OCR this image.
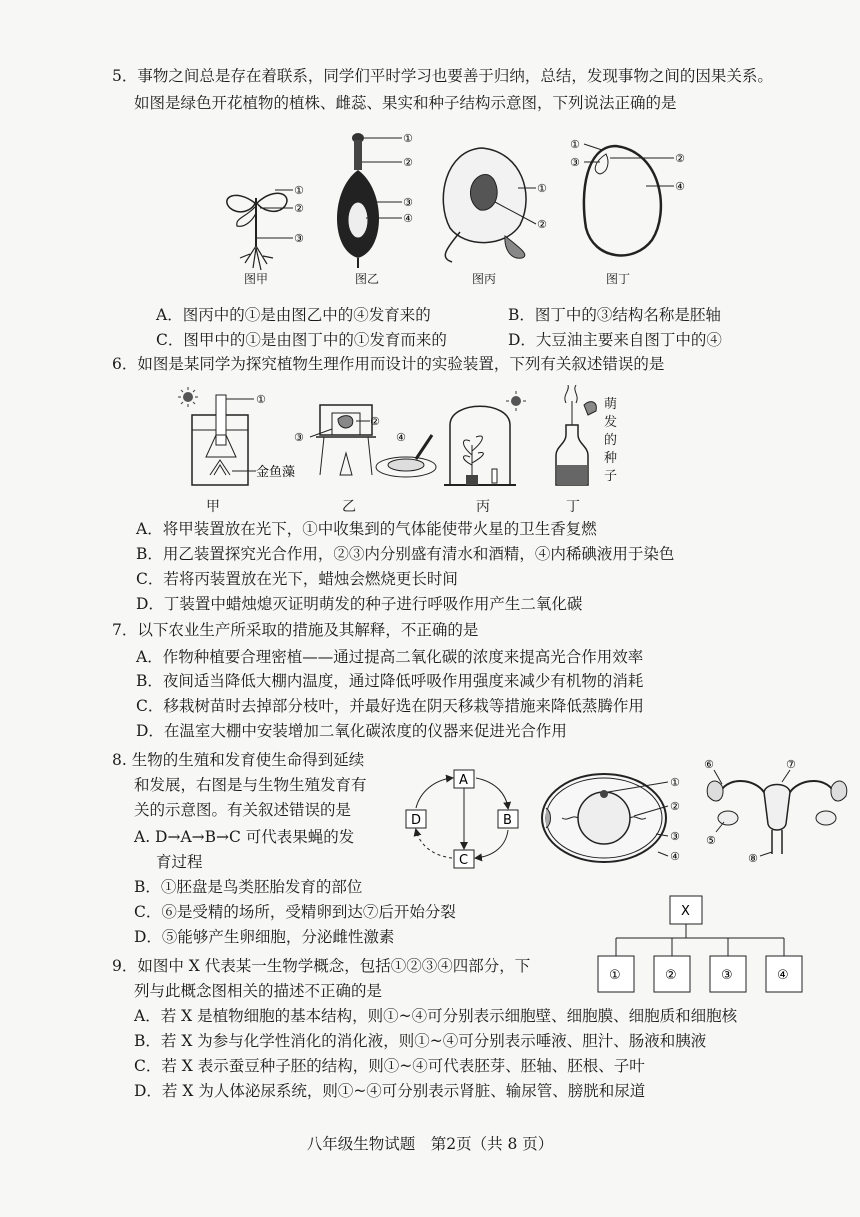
5．事物之间总是存在着联系，同学们平时学习也要善于归纳，总结，发现事物之间的因果关系。
如图是绿色开花植物的植株、雌蕊、果实和种子结构示意图，下列说法正确的是
①
②
③
图甲
①
②
③
④
图乙
①
②
图丙
①
③	②
④
图丁
A．图丙中的①是由图乙中的④发育来的	B．图丁中的③结构名称是胚轴
C．图甲中的①是由图丁中的①发育而来的	D．大豆油主要来自图丁中的④
6．如图是某同学为探究植物生理作用而设计的实验装置，下列有关叙述错误的是
①
金鱼藻
②
③	④
萌
发
的
种
子
甲	乙	丙	丁
A．将甲装置放在光下，①中收集到的气体能使带火星的卫生香复燃
B．用乙装置探究光合作用，②③内分别盛有清水和酒精，④内稀碘液用于染色
C．若将丙装置放在光下，蜡烛会燃烧更长时间
D．丁装置中蜡烛熄灭证明萌发的种子进行呼吸作用产生二氧化碳
7．以下农业生产所采取的措施及其解释，不正确的是
A．作物种植要合理密植——通过提高二氧化碳的浓度来提高光合作用效率
B．夜间适当降低大棚内温度，通过降低呼吸作用强度来减少有机物的消耗
C．移栽树苗时去掉部分枝叶，并最好选在阴天移栽等措施来降低蒸腾作用
D．在温室大棚中安装增加二氧化碳浓度的仪器来促进光合作用
8. 生物的生殖和发育使生命得到延续
和发展，右图是与生物生殖发育有
关的示意图。有关叙述错误的是
A. D→A→B→C 可代表果蝇的发
育过程
B．①胚盘是鸟类胚胎发育的部位
C．⑥是受精的场所，受精卵到达⑦后开始分裂
D．⑤能够产生卵细胞，分泌雌性激素
A
B
C
D
①
②
③
④
⑥	⑦
⑤
⑧
X
①	②	③	④
9．如图中 X 代表某一生物学概念，包括①②③④四部分，下
列与此概念图相关的描述不正确的是
A．若 X 是植物细胞的基本结构，则①~④可分别表示细胞壁、细胞膜、细胞质和细胞核
B．若 X 为参与化学性消化的消化液，则①~④可分别表示唾液、胆汁、肠液和胰液
C．若 X 表示蚕豆种子胚的结构，则①~④可代表胚芽、胚轴、胚根、子叶
D．若 X 为人体泌尿系统，则①~④可分别表示肾脏、输尿管、膀胱和尿道
八年级生物试题　第2页（共 8 页）
